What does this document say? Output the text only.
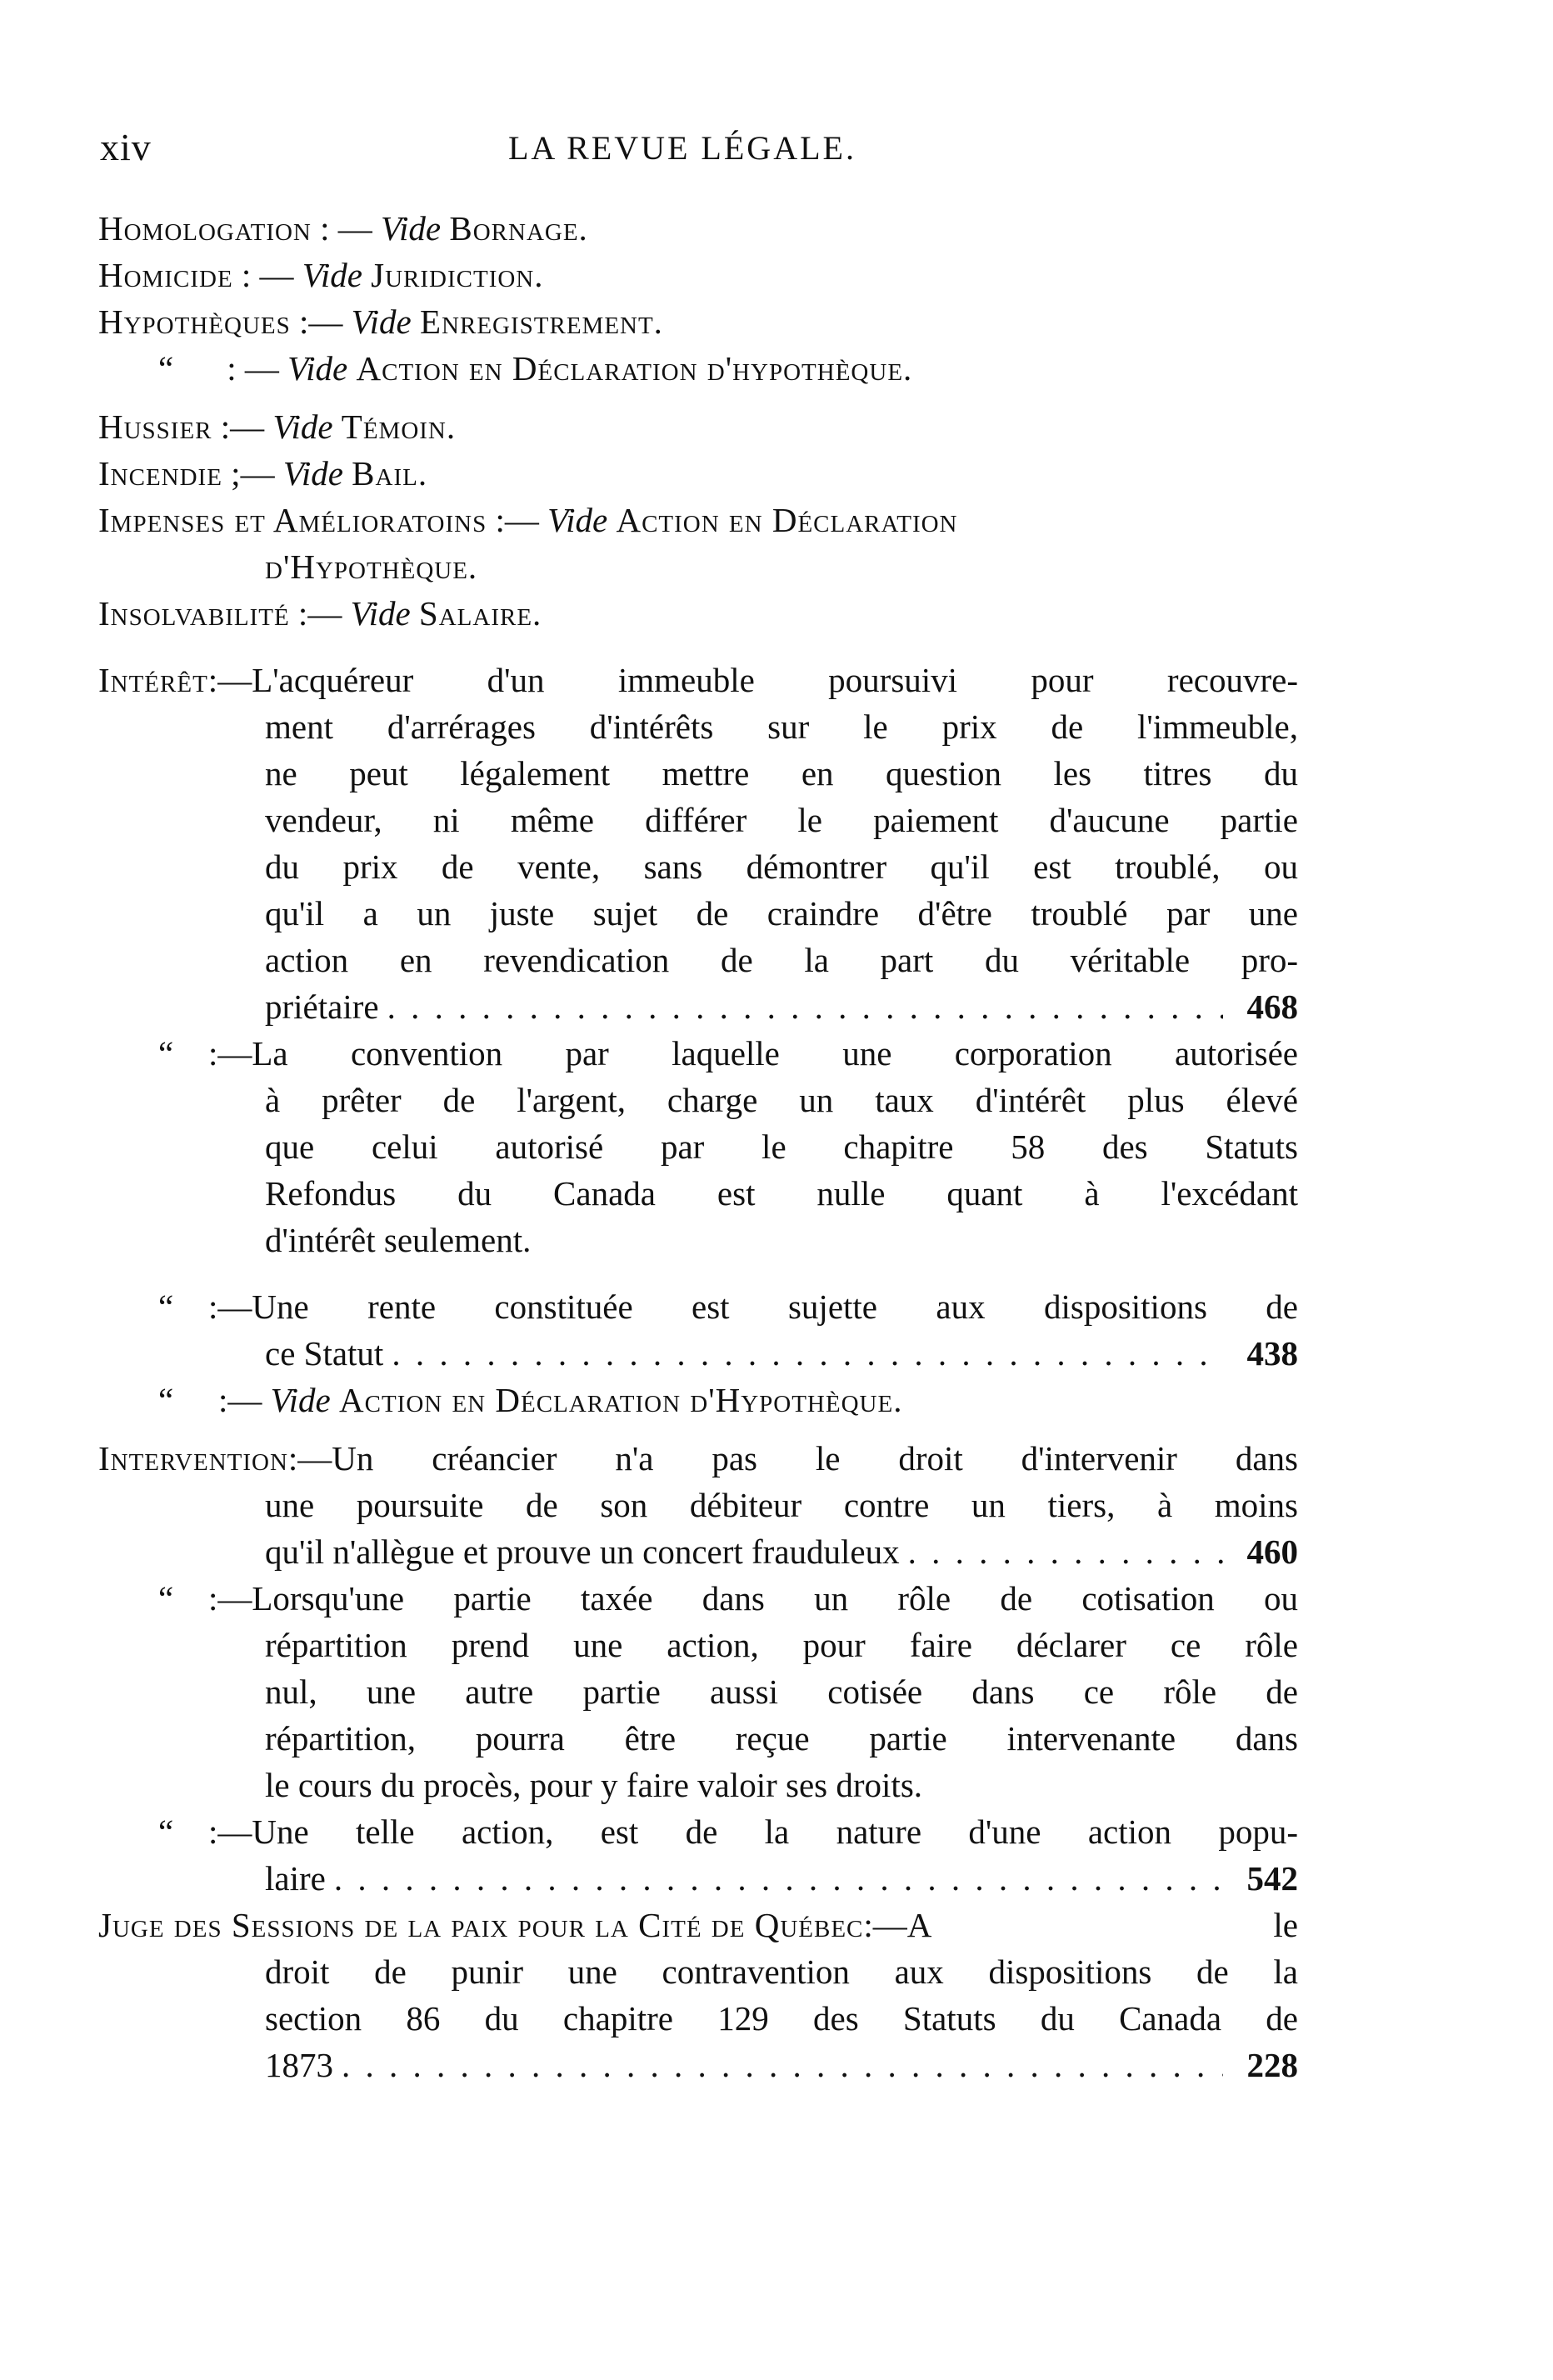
xiv	LA REVUE LÉGALE.
Homologation : — Vide Bornage.
Homicide : — Vide Juridiction.
Hypothèques :— Vide Enregistrement.
“ : — Vide Action en Déclaration d'hypothèque.
Hussier :— Vide Témoin.
Incendie ;— Vide Bail.
Impenses et Amélioratoins :— Vide Action en Déclaration
d'Hypothèque.
Insolvabilité :— Vide Salaire.
Intérêt :—L'acquéreur d'un immeuble poursuivi pour recouvre-
ment d'arrérages d'intérêts sur le prix de l'immeuble,
ne peut légalement mettre en question les titres du
vendeur, ni même différer le paiement d'aucune partie
du prix de vente, sans démontrer qu'il est troublé, ou
qu'il a un juste sujet de craindre d'être troublé par une
action en revendication de la part du véritable pro-
priétaire . . .	468
“	:—La convention par laquelle une corporation autorisée
à prêter de l'argent, charge un taux d'intérêt plus élevé
que celui autorisé par le chapitre 58 des Statuts
Refondus du Canada est nulle quant à l'excédant
d'intérêt seulement.
“	:—Une rente constituée est sujette aux dispositions de
ce Statut . . .	438
“ :— Vide Action en Déclaration d'Hypothèque.
Intervention :—Un créancier n'a pas le droit d'intervenir dans
une poursuite de son débiteur contre un tiers, à moins
qu'il n'allègue et prouve un concert frauduleux . . .	460
“	:—Lorsqu'une partie taxée dans un rôle de cotisation ou
répartition prend une action, pour faire déclarer ce rôle
nul, une autre partie aussi cotisée dans ce rôle de
répartition, pourra être reçue partie intervenante dans
le cours du procès, pour y faire valoir ses droits.
“	:—Une telle action, est de la nature d'une action popu-
laire . . .	542
Juge des Sessions de la paix pour la Cité de Québec :—A le
droit de punir une contravention aux dispositions de la
section 86 du chapitre 129 des Statuts du Canada de
1873 . . .	228
